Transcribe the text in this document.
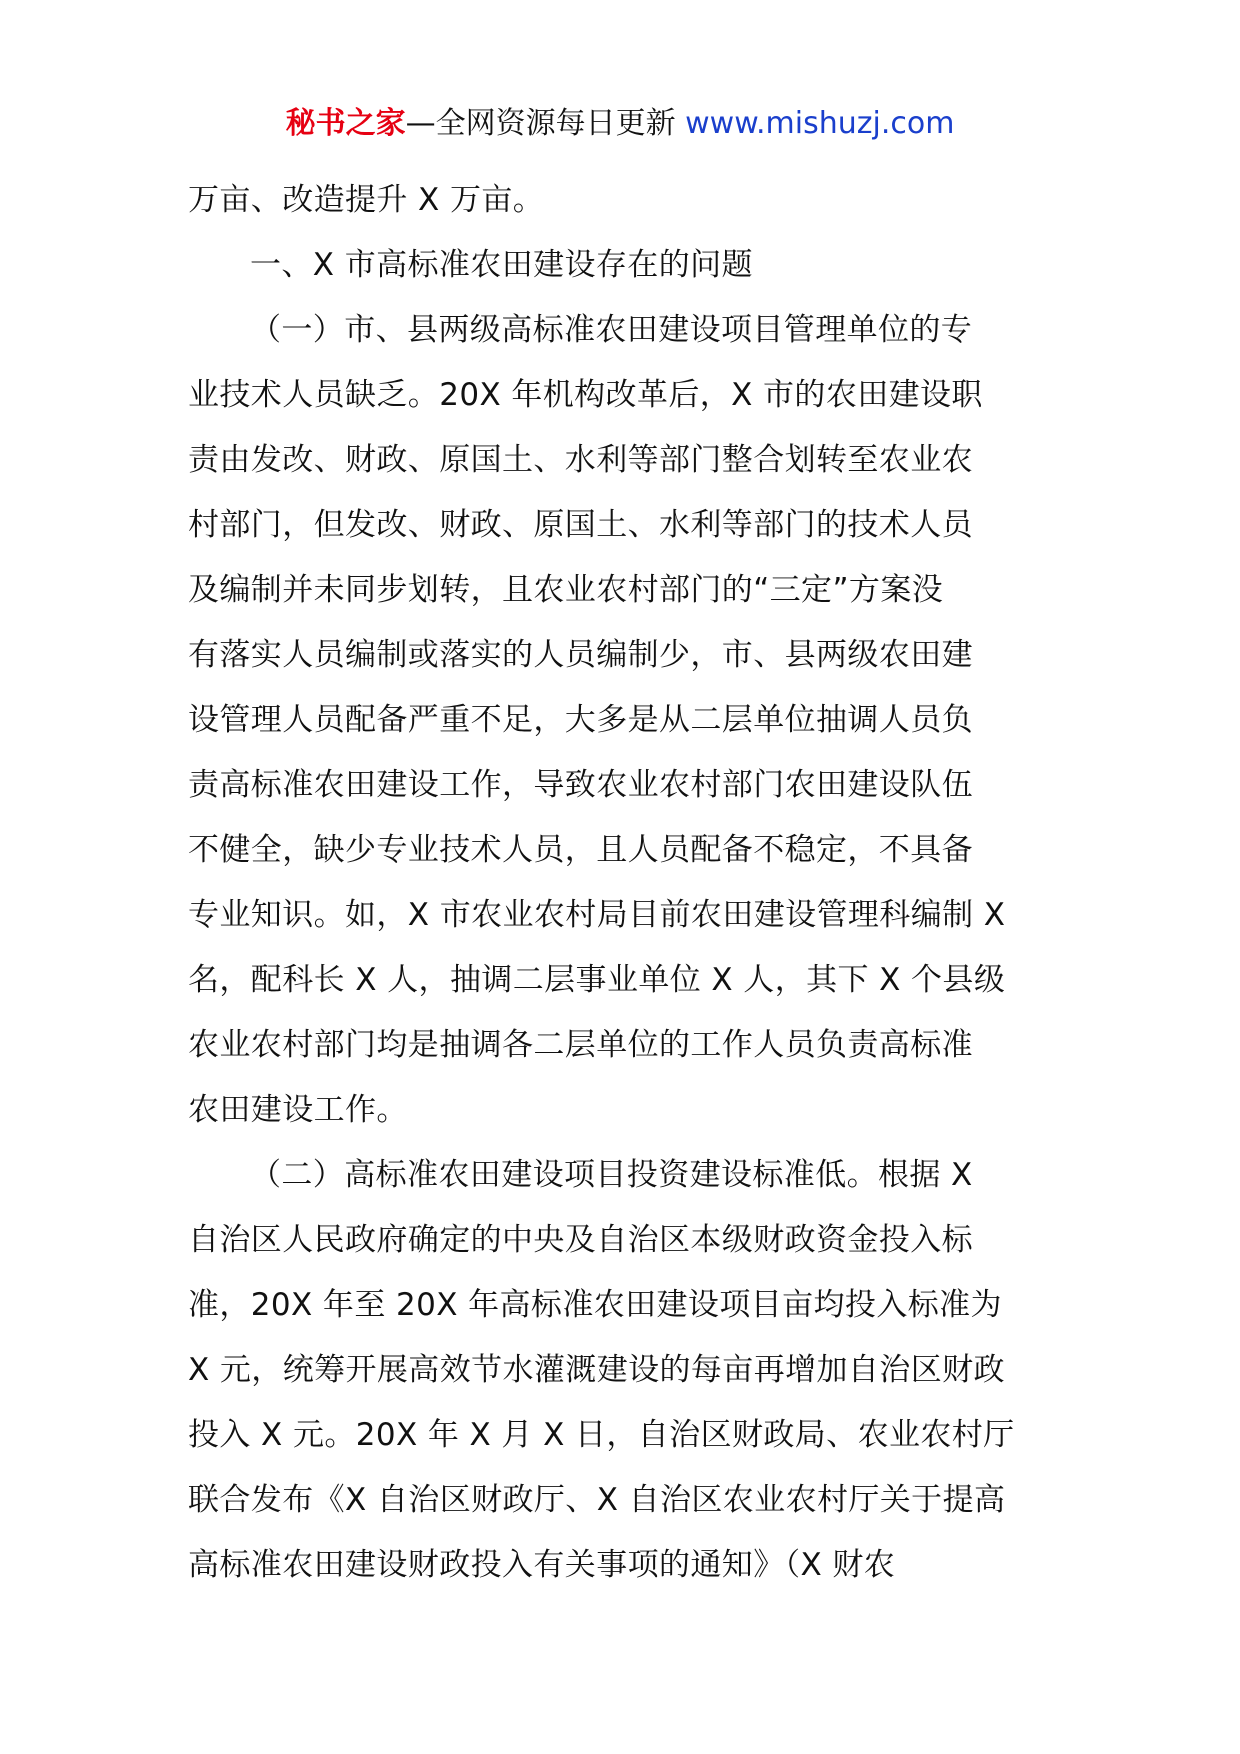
秘书之家—全网资源每日更新 www.mishuzj.com
万亩、改造提升 X 万亩。
一、X 市高标准农田建设存在的问题
（一）市、县两级高标准农田建设项目管理单位的专
业技术人员缺乏。20X 年机构改革后，X 市的农田建设职
责由发改、财政、原国土、水利等部门整合划转至农业农
村部门，但发改、财政、原国土、水利等部门的技术人员
及编制并未同步划转，且农业农村部门的“三定”方案没
有落实人员编制或落实的人员编制少，市、县两级农田建
设管理人员配备严重不足，大多是从二层单位抽调人员负
责高标准农田建设工作，导致农业农村部门农田建设队伍
不健全，缺少专业技术人员，且人员配备不稳定，不具备
专业知识。如，X 市农业农村局目前农田建设管理科编制 X
名，配科长 X 人，抽调二层事业单位 X 人，其下 X 个县级
农业农村部门均是抽调各二层单位的工作人员负责高标准
农田建设工作。
（二）高标准农田建设项目投资建设标准低。根据 X
自治区人民政府确定的中央及自治区本级财政资金投入标
准，20X 年至 20X 年高标准农田建设项目亩均投入标准为
X 元，统筹开展高效节水灌溉建设的每亩再增加自治区财政
投入 X 元。20X 年 X 月 X 日，自治区财政局、农业农村厅
联合发布《X 自治区财政厅、X 自治区农业农村厅关于提高
高标准农田建设财政投入有关事项的通知》（X 财农
